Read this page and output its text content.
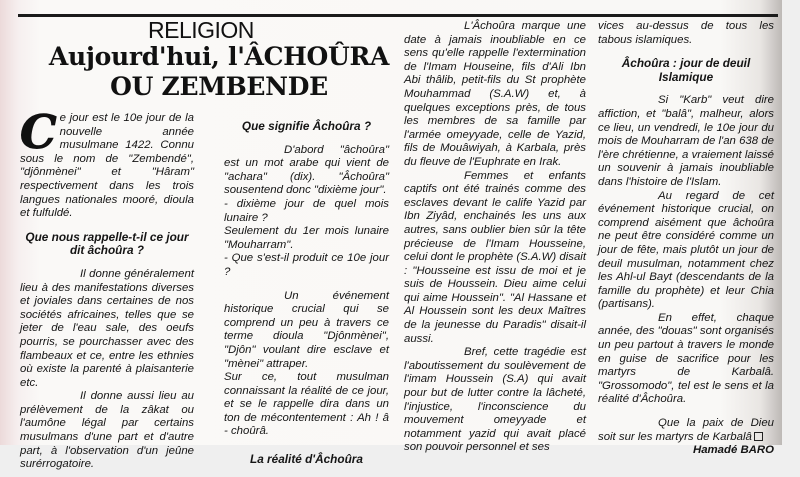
RELIGION
Aujourd'hui, l'ÂCHOÛRA
OU ZEMBENDE

Ce jour est le 10e jour de la nouvelle année musulmane 1422. Connu sous le nom de "Zembendé", "djônmènei" et "Hâram" respectivement dans les trois langues nationales mooré, dioula et fulfuldé.

Que nous rappelle-t-il ce jour dit âchoûra ?

Il donne généralement lieu à des manifestations diverses et joviales dans certaines de nos sociétés africaines, telles que se jeter de l'eau sale, des oeufs pourris, se pourchasser avec des flambeaux et ce, entre les ethnies où existe la parenté à plaisanterie etc.

Il donne aussi lieu au prélèvement de la zâkat ou l'aumône légal par certains musulmans d'une part et d'autre part, à l'observation d'un jeûne surérrogatoire.

Que signifie Âchoûra ?

D'abord "âchoûra" est un mot arabe qui vient de "achara" (dix). "Âchoûra" sousentend donc "dixième jour".

- dixième jour de quel mois lunaire ?

Seulement du 1er mois lunaire "Mouharram".

- Que s'est-il produit ce 10e jour ?

Un événement historique crucial qui se comprend un peu à travers ce terme dioula "Djônmènei", "Djôn" voulant dire esclave et "mènei" attraper.

Sur ce, tout musulman connaissant la réalité de ce jour, et se le rappelle dira dans un ton de mécontentement : Ah ! â - choûrâ.

La réalité d'Âchoûra

L'Âchoûra marque une date à jamais inoubliable en ce sens qu'elle rappelle l'extermination de l'Imam Houseine, fils d'Ali Ibn Abi thâlib, petit-fils du St prophète Mouhammad (S.A.W) et, à quelques exceptions près, de tous les membres de sa famille par l'armée omeyyade, celle de Yazid, fils de Mouâwiyah, à Karbala, près du fleuve de l'Euphrate en Irak.

Femmes et enfants captifs ont été trainés comme des esclaves devant le calife Yazid par Ibn Ziyâd, enchainés les uns aux autres, sans oublier bien sûr la tête précieuse de l'Imam Housseine, celui dont le prophète (S.A.W) disait : "Housseine est issu de moi et je suis de Houssein. Dieu aime celui qui aime Houssein". "Al Hassane et Al Houssein sont les deux Maîtres de la jeunesse du Paradis" disait-il aussi.

Bref, cette tragédie est l'aboutissement du soulèvement de l'imam Houssein (S.A) qui avait pour but de lutter contre la lâcheté, l'injustice, l'inconscience du mouvement omeyyade et notamment yazid qui avait placé son pouvoir personnel et ses

vices au-dessus de tous les tabous islamiques.

Âchoûra : jour de deuil Islamique

Si "Karb" veut dire affiction, et "balâ", malheur, alors ce lieu, un vendredi, le 10e jour du mois de Mouharram de l'an 638 de l'ère chrétienne, a vraiement laissé un souvenir à jamais inoubliable dans l'histoire de l'Islam.

Au regard de cet événement historique crucial, on comprend aisément que âchoûra ne peut être considéré comme un jour de fête, mais plutôt un jour de deuil musulman, notamment chez les Ahl-ul Bayt (descendants de la famille du prophète) et leur Chia (partisans).

En effet, chaque année, des "douas" sont organisés un peu partout à travers le monde en guise de sacrifice pour les martyrs de Karbalâ. "Grossomodo", tel est le sens et la réalité d'Âchoûra.

Que la paix de Dieu soit sur les martyrs de Karbalâ

Hamadé BARO
